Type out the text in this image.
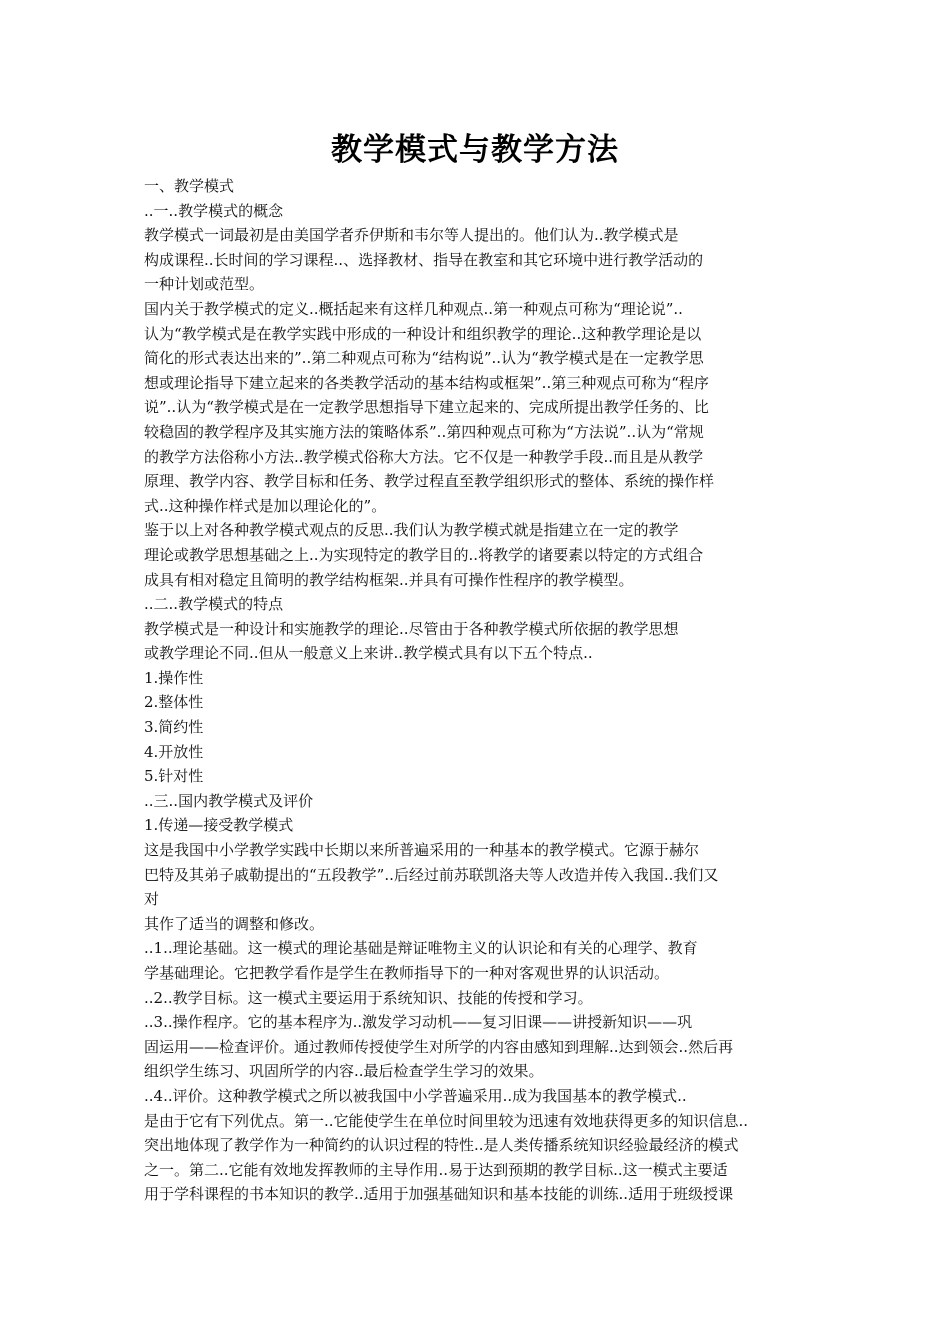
教学模式与教学方法
一、教学模式
..一..教学模式的概念
教学模式一词最初是由美国学者乔伊斯和韦尔等人提出的。他们认为..教学模式是
构成课程..长时间的学习课程..、选择教材、指导在教室和其它环境中进行教学活动的
一种计划或范型。
国内关于教学模式的定义..概括起来有这样几种观点..第一种观点可称为“理论说”..
认为“教学模式是在教学实践中形成的一种设计和组织教学的理论..这种教学理论是以
简化的形式表达出来的”..第二种观点可称为“结构说”..认为“教学模式是在一定教学思
想或理论指导下建立起来的各类教学活动的基本结构或框架”..第三种观点可称为“程序
说”..认为“教学模式是在一定教学思想指导下建立起来的、完成所提出教学任务的、比
较稳固的教学程序及其实施方法的策略体系”..第四种观点可称为“方法说”..认为“常规
的教学方法俗称小方法..教学模式俗称大方法。它不仅是一种教学手段..而且是从教学
原理、教学内容、教学目标和任务、教学过程直至教学组织形式的整体、系统的操作样
式..这种操作样式是加以理论化的”。
鉴于以上对各种教学模式观点的反思..我们认为教学模式就是指建立在一定的教学
理论或教学思想基础之上..为实现特定的教学目的..将教学的诸要素以特定的方式组合
成具有相对稳定且简明的教学结构框架..并具有可操作性程序的教学模型。
..二..教学模式的特点
教学模式是一种设计和实施教学的理论..尽管由于各种教学模式所依据的教学思想
或教学理论不同..但从一般意义上来讲..教学模式具有以下五个特点..
1.操作性
2.整体性
3.简约性
4.开放性
5.针对性
..三..国内教学模式及评价
1.传递—接受教学模式
这是我国中小学教学实践中长期以来所普遍采用的一种基本的教学模式。它源于赫尔
巴特及其弟子戚勒提出的“五段教学”..后经过前苏联凯洛夫等人改造并传入我国..我们又
对
其作了适当的调整和修改。
..1..理论基础。这一模式的理论基础是辩证唯物主义的认识论和有关的心理学、教育
学基础理论。它把教学看作是学生在教师指导下的一种对客观世界的认识活动。
..2..教学目标。这一模式主要运用于系统知识、技能的传授和学习。
..3..操作程序。它的基本程序为..激发学习动机——复习旧课——讲授新知识——巩
固运用——检查评价。通过教师传授使学生对所学的内容由感知到理解..达到领会..然后再
组织学生练习、巩固所学的内容..最后检查学生学习的效果。
..4..评价。这种教学模式之所以被我国中小学普遍采用..成为我国基本的教学模式..
是由于它有下列优点。第一..它能使学生在单位时间里较为迅速有效地获得更多的知识信息..
突出地体现了教学作为一种简约的认识过程的特性..是人类传播系统知识经验最经济的模式
之一。第二..它能有效地发挥教师的主导作用..易于达到预期的教学目标..这一模式主要适
用于学科课程的书本知识的教学..适用于加强基础知识和基本技能的训练..适用于班级授课
